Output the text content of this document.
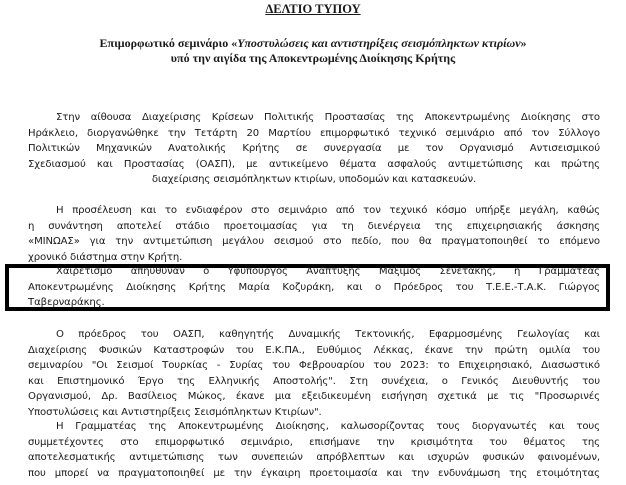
ΔΕΛΤΙΟ ΤΥΠΟΥ
Επιμορφωτικό σεμινάριο «Υποστυλώσεις και αντιστηρίξεις σεισμόπληκτων κτιρίων»
υπό την αιγίδα της Αποκεντρωμένης Διοίκησης Κρήτης
Στην αίθουσα Διαχείρισης Κρίσεων Πολιτικής Προστασίας της Αποκεντρωμένης Διοίκησης στο
Ηράκλειο, διοργανώθηκε την Τετάρτη 20 Μαρτίου επιμορφωτικό τεχνικό σεμινάριο από τον Σύλλογο
Πολιτικών Μηχανικών Ανατολικής Κρήτης σε συνεργασία με τον Οργανισμό Αντισεισμικού
Σχεδιασμού και Προστασίας (ΟΑΣΠ), με αντικείμενο θέματα ασφαλούς αντιμετώπισης και πρώτης
διαχείρισης σεισμόπληκτων κτιρίων, υποδομών και κατασκευών.
Η προσέλευση και το ενδιαφέρον στο σεμινάριο από τον τεχνικό κόσμο υπήρξε μεγάλη, καθώς
η συνάντηση αποτελεί στάδιο προετοιμασίας για τη διενέργεια της επιχειρησιακής άσκησης
«ΜΙΝΩΑΣ» για την αντιμετώπιση μεγάλου σεισμού στο πεδίο, που θα πραγματοποιηθεί το επόμενο
χρονικό διάστημα στην Κρήτη.
Χαιρετισμό απηύθυναν ο Υφυπουργός Ανάπτυξης Μάξιμος Σενετάκης, η Γραμματέας
Αποκεντρωμένης Διοίκησης Κρήτης Μαρία Κοζυράκη, και ο Πρόεδρος του Τ.Ε.Ε.-Τ.Α.Κ. Γιώργος
Ταβερναράκης.
Ο πρόεδρος του ΟΑΣΠ, καθηγητής Δυναμικής Τεκτονικής, Εφαρμοσμένης Γεωλογίας και
Διαχείρισης Φυσικών Καταστροφών του Ε.Κ.ΠΑ., Ευθύμιος Λέκκας, έκανε την πρώτη ομιλία του
σεμιναρίου "Οι Σεισμοί Τουρκίας - Συρίας του Φεβρουαρίου του 2023: το Επιχειρησιακό, Διασωστικό
και Επιστημονικό Έργο της Ελληνικής Αποστολής". Στη συνέχεια, ο Γενικός Διευθυντής του
Οργανισμού, Δρ. Βασίλειος Μώκος, έκανε μια εξειδικευμένη εισήγηση σχετικά με τις "Προσωρινές
Υποστυλώσεις και Αντιστηρίξεις Σεισμόπληκτων Κτιρίων".
Η Γραμματέας της Αποκεντρωμένης Διοίκησης, καλωσορίζοντας τους διοργανωτές και τους
συμμετέχοντες στο επιμορφωτικό σεμινάριο, επισήμανε την κρισιμότητα του θέματος της
αποτελεσματικής αντιμετώπισης των συνεπειών απρόβλεπτων και ισχυρών φυσικών φαινομένων,
που μπορεί να πραγματοποιηθεί με την έγκαιρη προετοιμασία και την ενδυνάμωση της ετοιμότητας
